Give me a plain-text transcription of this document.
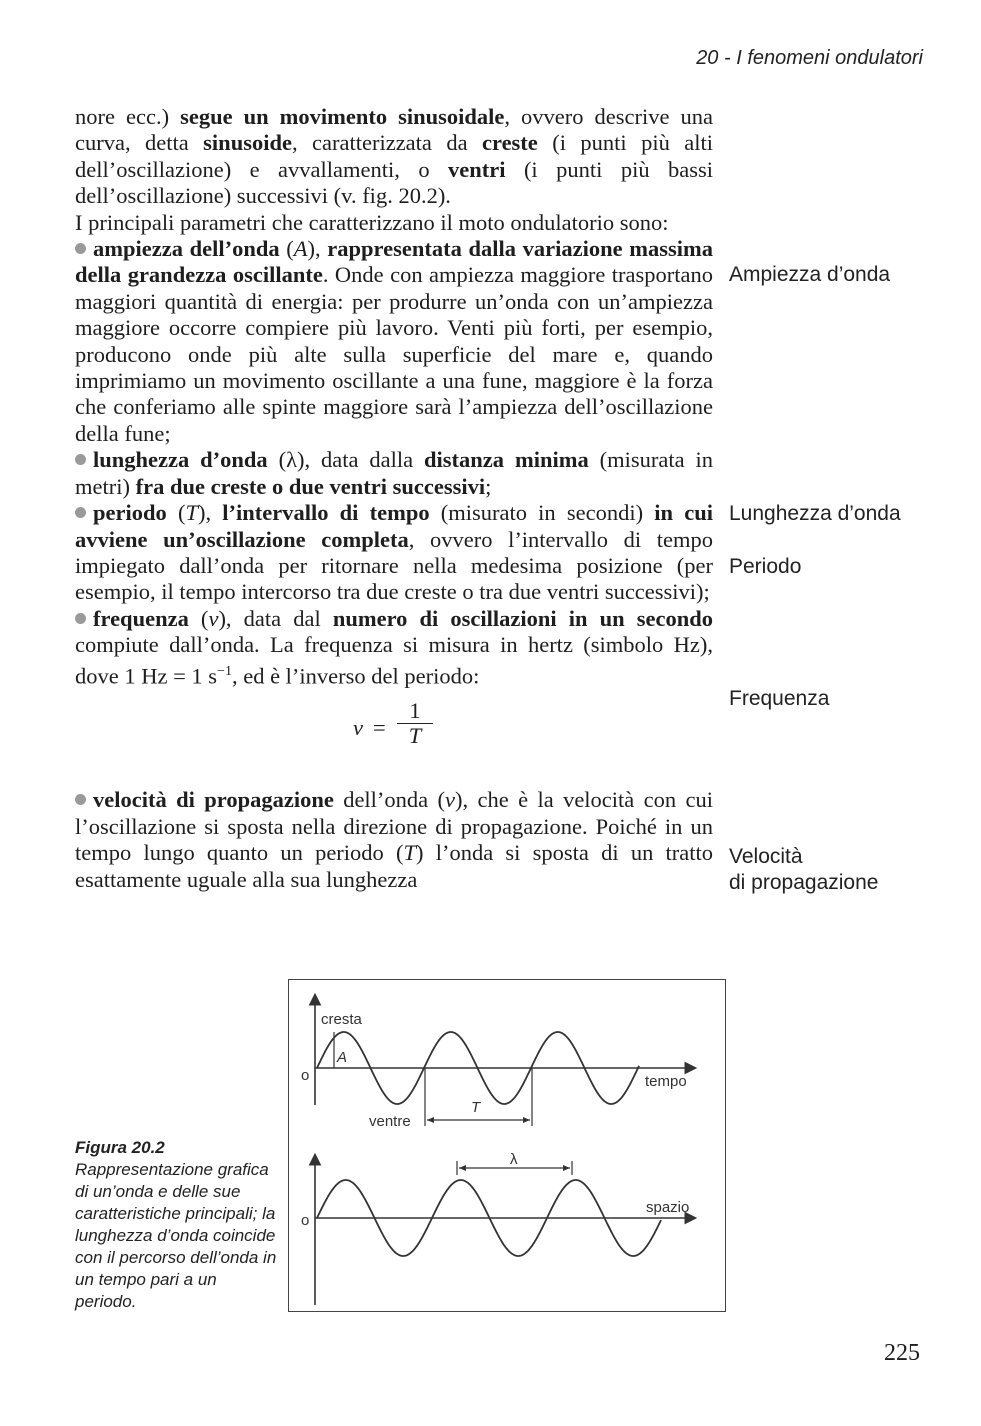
20 - I fenomeni ondulatori

nore ecc.) segue un movimento sinusoidale, ovvero descrive una curva, detta sinusoide, caratterizzata da creste (i punti più alti dell’oscillazione) e avvallamenti, o ventri (i punti più bassi dell’oscillazione) successivi (v. fig. 20.2).

I principali parametri che caratterizzano il moto ondulatorio sono:

ampiezza dell’onda (A), rappresentata dalla variazione massima della grandezza oscillante. Onde con ampiezza maggiore trasportano maggiori quantità di energia: per produrre un’onda con un’ampiezza maggiore occorre compiere più lavoro. Venti più forti, per esempio, producono onde più alte sulla superficie del mare e, quando imprimiamo un movimento oscillante a una fune, maggiore è la forza che conferiamo alle spinte maggiore sarà l’ampiezza dell’oscillazione della fune;

lunghezza d’onda (λ), data dalla distanza minima (misurata in metri) fra due creste o due ventri successivi;

periodo (T), l’intervallo di tempo (misurato in secondi) in cui avviene un’oscillazione completa, ovvero l’intervallo di tempo impiegato dall’onda per ritornare nella medesima posizione (per esempio, il tempo intercorso tra due creste o tra due ventri successivi);

frequenza (ν), data dal numero di oscillazioni in un secondo compiute dall’onda. La frequenza si misura in hertz (simbolo Hz), dove 1 Hz = 1 $s^{-1}$, ed è l’inverso del periodo:

$\nu = \frac{1}{T}$

velocità di propagazione dell’onda (v), che è la velocità con cui l’oscillazione si sposta nella direzione di propagazione. Poiché in un tempo lungo quanto un periodo (T) l’onda si sposta di un tratto esattamente uguale alla sua lunghezza

Ampiezza d’onda
Lunghezza d’onda
Periodo
Frequenza
Velocità
di propagazione
Figura 20.2
Rappresentazione grafica di un’onda e delle sue caratteristiche principali; la lunghezza d’onda coincide con il percorso dell’onda in un tempo pari a un periodo.
cresta
A
o	tempo
T
ventre
λ
o
spazio
225
